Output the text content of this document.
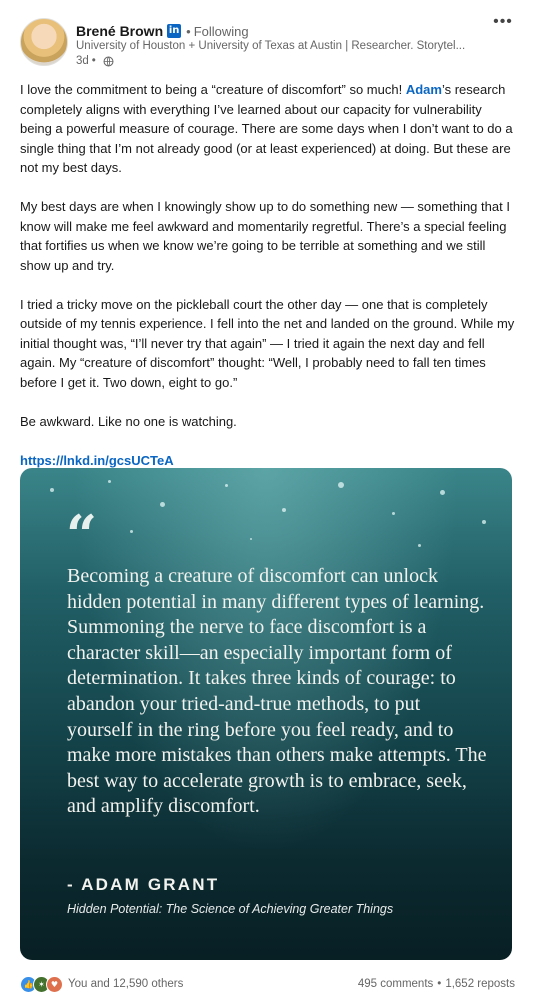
Brené Brown in • Following
University of Houston + University of Texas at Austin | Researcher. Storytel...
3d •
•••

I love the commitment to being a “creature of discomfort” so much! Adam’s research completely aligns with everything I’ve learned about our capacity for vulnerability being a powerful measure of courage. There are some days when I don’t want to do a single thing that I’m not already good (or at least experienced) at doing. But these are not my best days.

My best days are when I knowingly show up to do something new — something that I know will make me feel awkward and momentarily regretful. There’s a special feeling that fortifies us when we know we’re going to be terrible at something and we still show up and try.

I tried a tricky move on the pickleball court the other day — one that is completely outside of my tennis experience. I fell into the net and landed on the ground. While my initial thought was, “I’ll never try that again” — I tried it again the next day and fell again. My “creature of discomfort” thought: “Well, I probably need to fall ten times before I get it. Two down, eight to go.”

Be awkward. Like no one is watching.

https://lnkd.in/gcsUCTeA

“
Becoming a creature of discomfort can unlock hidden potential in many different types of learning. Summoning the nerve to face discomfort is a character skill—an especially important form of determination. It takes three kinds of courage: to abandon your tried-and-true methods, to put yourself in the ring before you feel ready, and to make more mistakes than others make attempts. The best way to accelerate growth is to embrace, seek, and amplify discomfort.
- ADAM GRANT
Hidden Potential: The Science of Achieving Greater Things
👍 ✶ ♥ You and 12,590 others	495 comments • 1,652 reposts
